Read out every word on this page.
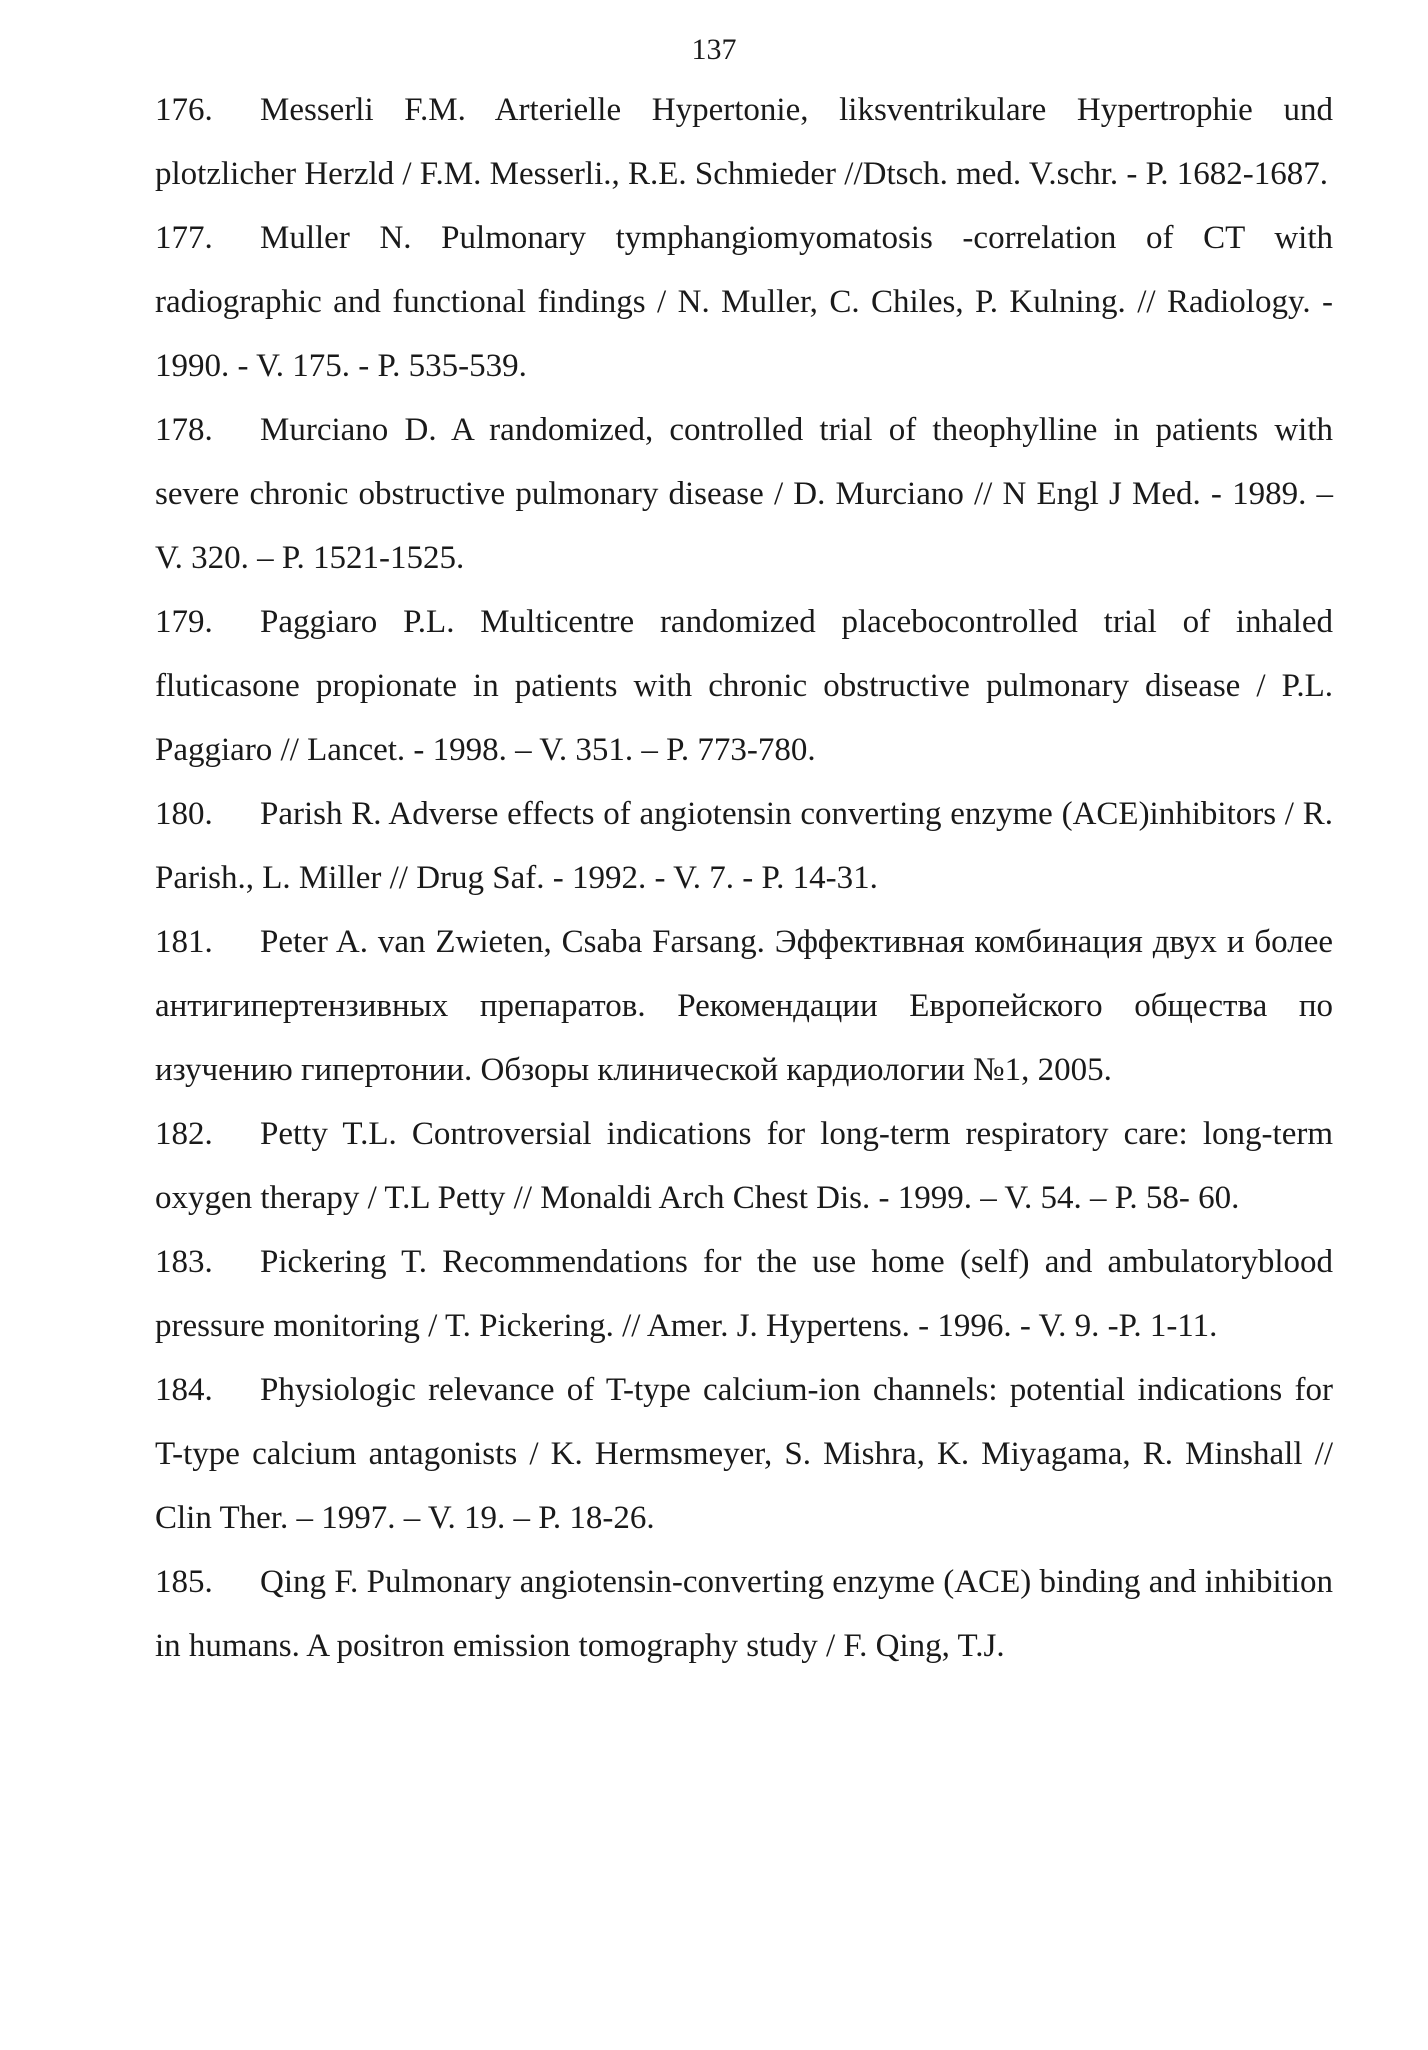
137

176. Messerli F.M. Arterielle Hypertonie, liksventrikulare Hypertrophie und plotzlicher Herzld / F.M. Messerli., R.E. Schmieder //Dtsch. med. V.schr. - P. 1682-1687.

177. Muller N. Pulmonary tymphangiomyomatosis -correlation of CT with radiographic and functional findings / N. Muller, C. Chiles, P. Kulning. // Radiology. - 1990. - V. 175. - P. 535-539.

178. Murciano D. A randomized, controlled trial of theophylline in patients with severe chronic obstructive pulmonary disease / D. Murciano // N Engl J Med. - 1989. – V. 320. – P. 1521-1525.

179. Paggiaro P.L. Multicentre randomized placebocontrolled trial of inhaled fluticasone propionate in patients with chronic obstructive pulmonary disease / P.L. Paggiaro // Lancet. - 1998. – V. 351. – P. 773-780.

180. Parish R. Adverse effects of angiotensin converting enzyme (ACE)inhibitors / R. Parish., L. Miller // Drug Saf. - 1992. - V. 7. - P. 14-31.

181. Peter A. van Zwieten, Csaba Farsang. Эффективная комбинация двух и более антигипертензивных препаратов. Рекомендации Европейского общества по изучению гипертонии. Обзоры клинической кардиологии №1, 2005.

182. Petty T.L. Controversial indications for long-term respiratory care: long-term oxygen therapy / T.L Petty // Monaldi Arch Chest Dis. - 1999. – V. 54. – P. 58- 60.

183. Pickering T. Recommendations for the use home (self) and ambulatoryblood pressure monitoring / T. Pickering. // Amer. J. Hypertens. - 1996. - V. 9. -P. 1-11.

184. Physiologic relevance of T-type calcium-ion channels: potential indications for T-type calcium antagonists / K. Hermsmeyer, S. Mishra, K. Miyagama, R. Minshall // Clin Ther. – 1997. – V. 19. – P. 18-26.

185. Qing F. Pulmonary angiotensin-converting enzyme (ACE) binding and inhibition in humans. A positron emission tomography study / F. Qing, T.J.
